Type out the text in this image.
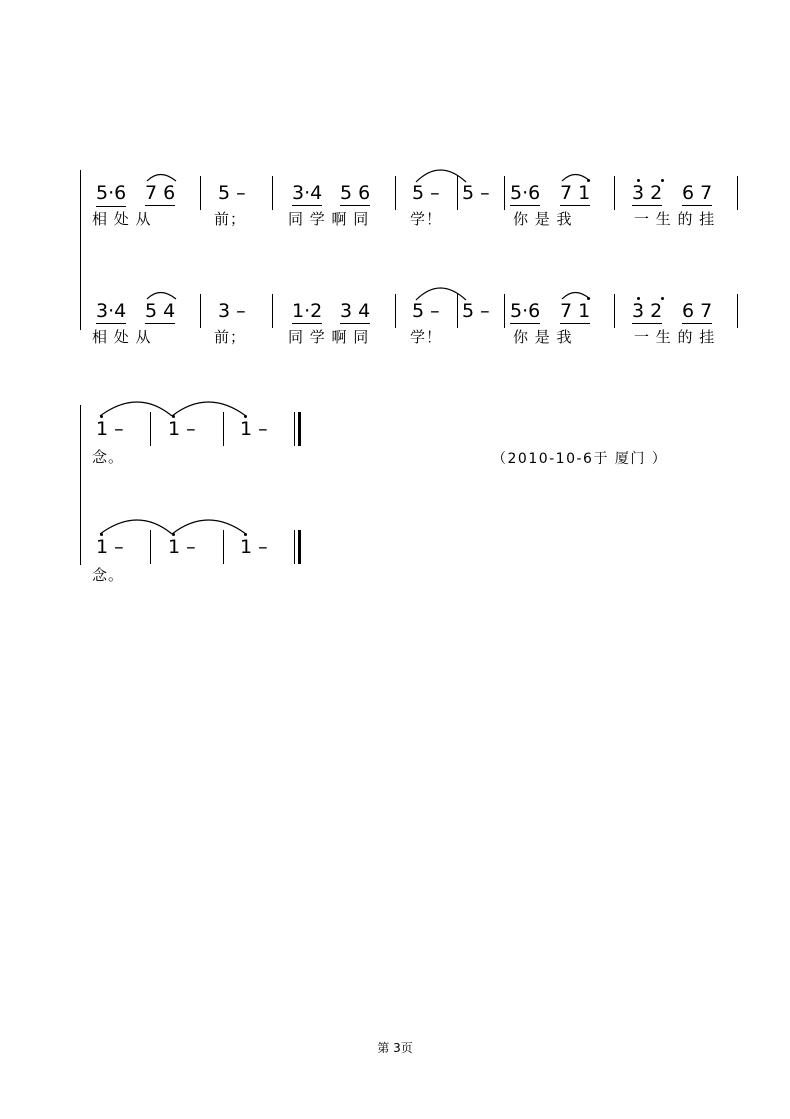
5·6 7 6 5 – 3·4 5 6 5 – 5 – 5·6 7 1 3 2 6 7
相 处 从	前；	同 学 啊 同	学！	你 是 我	一 生 的 挂
3·4 5 4 3 – 1·2 3 4 5 – 5 – 5·6 7 1 3 2 6 7
相 处 从	前；	同 学 啊 同	学！	你 是 我	一 生 的 挂
1 – 1 – 1 –
念。	（2010-10-6于 厦门 ）
1 – 1 – 1 –
念。
第 3页
